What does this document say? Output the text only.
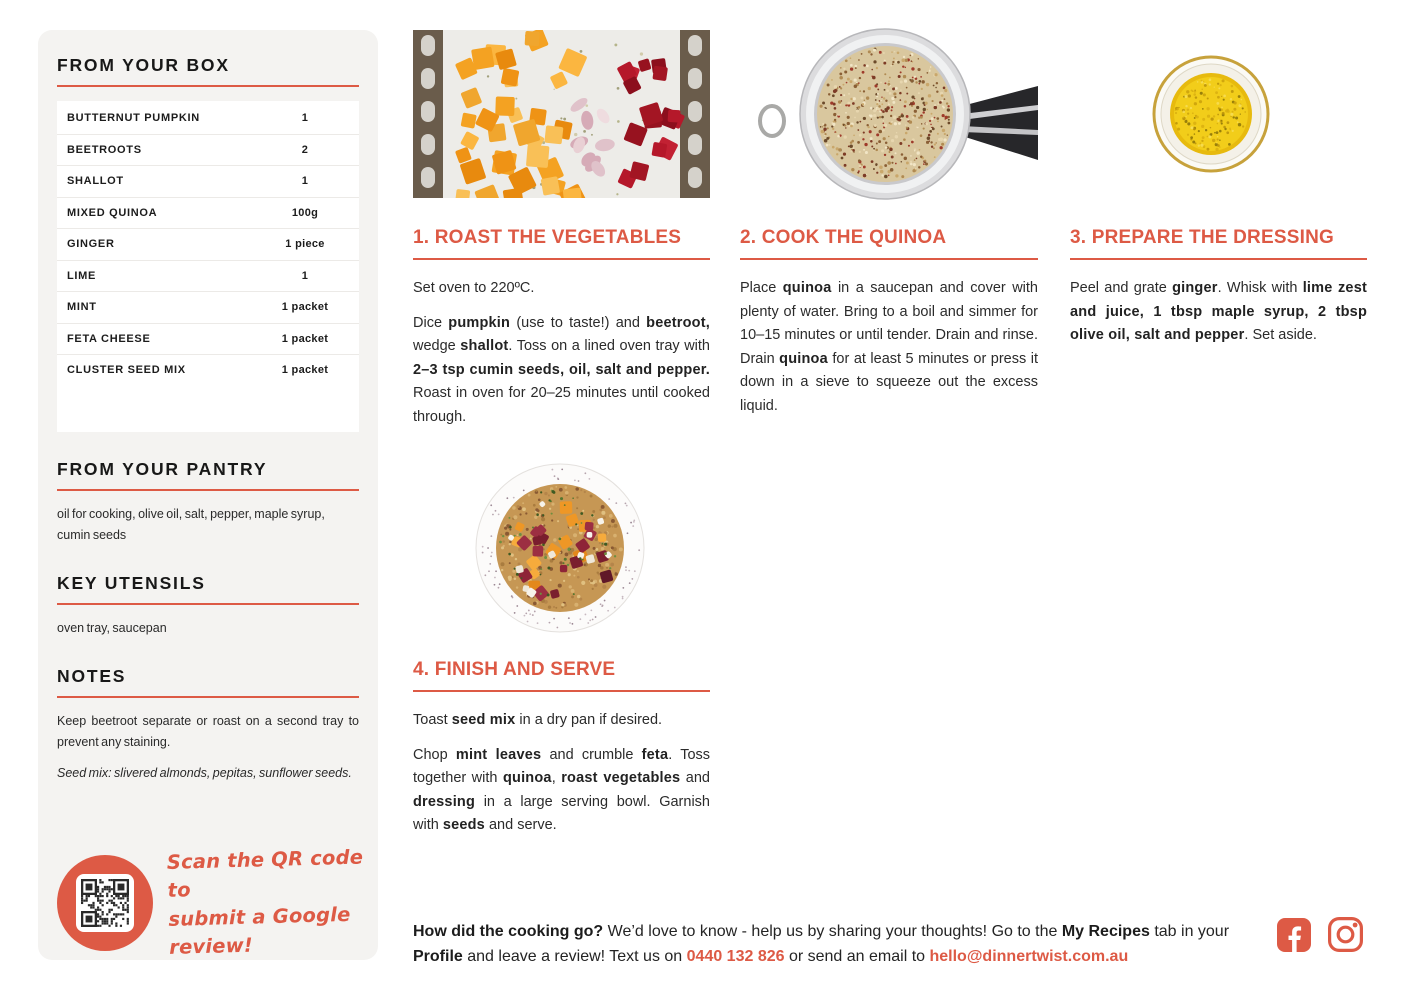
FROM YOUR BOX
BUTTERNUT PUMPKIN	1
BEETROOTS	2
SHALLOT	1
MIXED QUINOA	100g
GINGER	1 piece
LIME	1
MINT	1 packet
FETA CHEESE	1 packet
CLUSTER SEED MIX	1 packet
FROM YOUR PANTRY

oil for cooking, olive oil, salt, pepper, maple syrup, cumin seeds

KEY UTENSILS

oven tray, saucepan

NOTES

Keep beetroot separate or roast on a second tray to prevent any staining.

Seed mix: slivered almonds, pepitas, sunflower seeds.

Scan the QR code to
submit a Google review!
1. ROAST THE VEGETABLES

Set oven to 220ºC.

Dice pumpkin (use to taste!) and beetroot, wedge shallot. Toss on a lined oven tray with 2–3 tsp cumin seeds, oil, salt and pepper. Roast in oven for 20–25 minutes until cooked through.

2. COOK THE QUINOA

Place quinoa in a saucepan and cover with plenty of water. Bring to a boil and simmer for 10–15 minutes or until tender. Drain and rinse. Drain quinoa for at least 5 minutes or press it down in a sieve to squeeze out the excess liquid.

3. PREPARE THE DRESSING

Peel and grate ginger. Whisk with lime zest and juice, 1 tbsp maple syrup, 2 tbsp olive oil, salt and pepper. Set aside.

4. FINISH AND SERVE

Toast seed mix in a dry pan if desired.

Chop mint leaves and crumble feta. Toss together with quinoa, roast vegetables and dressing in a large serving bowl. Garnish with seeds and serve.

How did the cooking go? We’d love to know - help us by sharing your thoughts! Go to the My Recipes tab in your Profile and leave a review! Text us on 0440 132 826 or send an email to hello@dinnertwist.com.au
